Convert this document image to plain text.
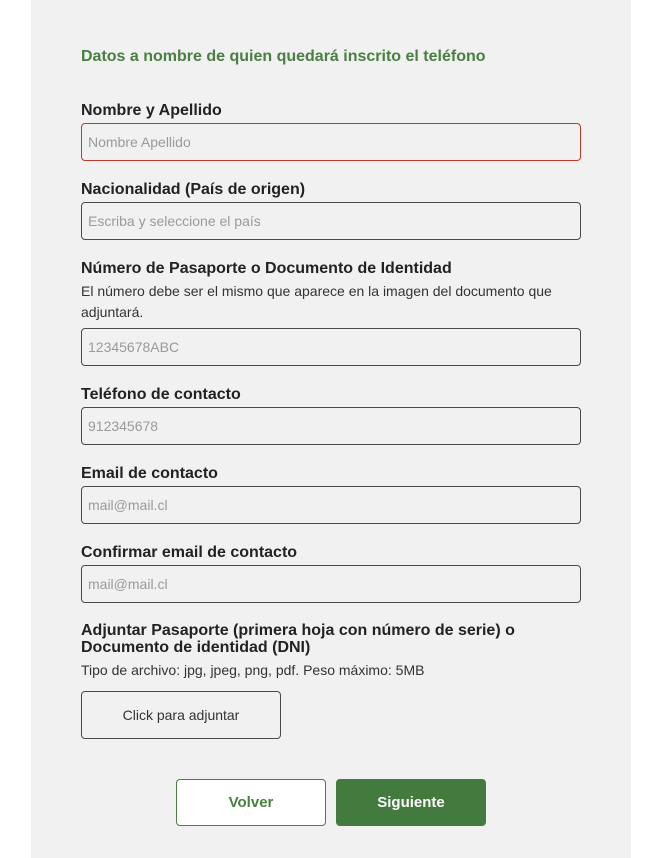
Datos a nombre de quien quedará inscrito el teléfono
Nombre y Apellido
Nombre Apellido
Nacionalidad (País de origen)
Escriba y seleccione el país
Número de Pasaporte o Documento de Identidad
El número debe ser el mismo que aparece en la imagen del documento que adjuntará.
12345678ABC
Teléfono de contacto
912345678
Email de contacto
mail@mail.cl
Confirmar email de contacto
mail@mail.cl
Adjuntar Pasaporte (primera hoja con número de serie) o Documento de identidad (DNI)
Tipo de archivo: jpg, jpeg, png, pdf. Peso máximo: 5MB
Click para adjuntar
Volver	Siguiente
